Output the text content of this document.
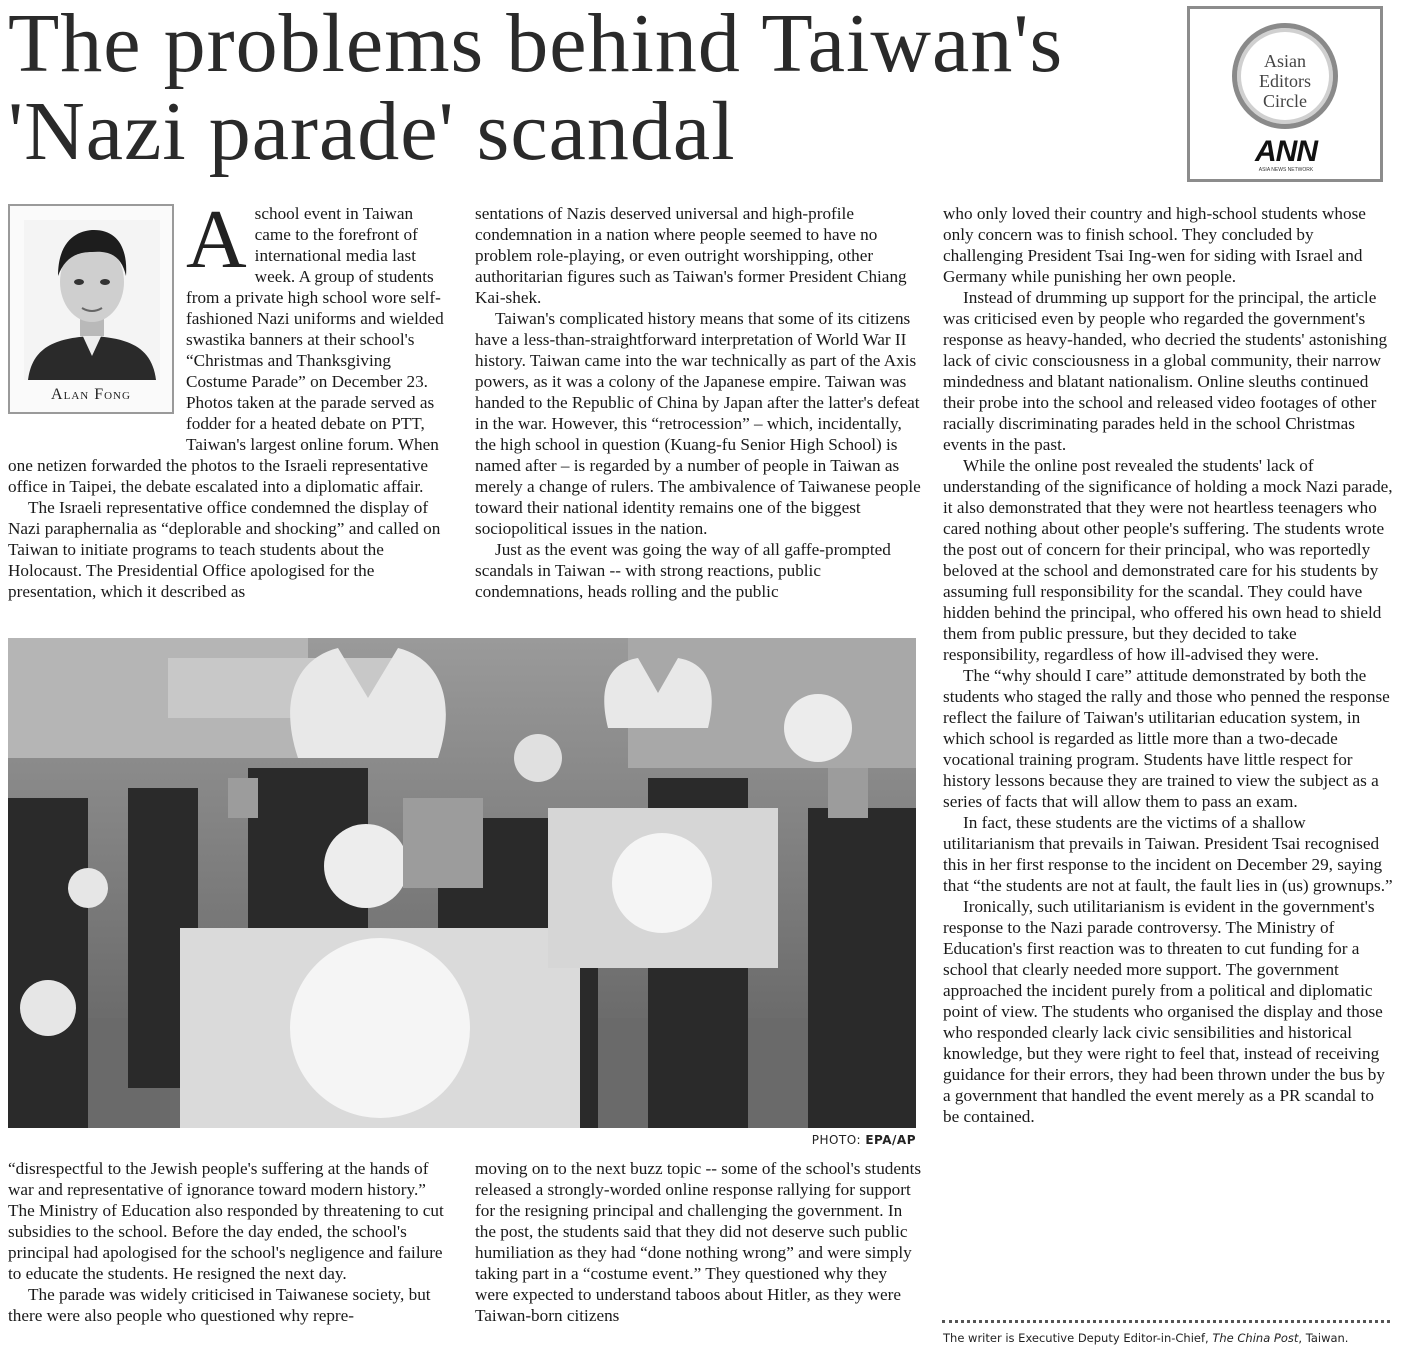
The problems behind Taiwan's 'Nazi parade' scandal
Asian
Editors
Circle
ANN
ASIA NEWS NETWORK
Alan Fong

Aschool event in Taiwan came to the forefront of international media last week. A group of students from a private high school wore self-fashioned Nazi uniforms and wielded swastika banners at their school's “Christmas and Thanksgiving Costume Parade” on December 23. Photos taken at the parade served as fodder for a heated debate on PTT, Taiwan's largest online forum. When one netizen forwarded the photos to the Israeli representative office in Taipei, the debate escalated into a diplomatic affair.

The Israeli representative office condemned the display of Nazi paraphernalia as “deplorable and shocking” and called on Taiwan to initiate programs to teach students about the Holocaust. The Presidential Office apologised for the presentation, which it described as

sentations of Nazis deserved universal and high-profile condemnation in a nation where people seemed to have no problem role-playing, or even outright worshipping, other authoritarian figures such as Taiwan's former President Chiang Kai-shek.

Taiwan's complicated history means that some of its citizens have a less-than-straightforward interpretation of World War II history. Taiwan came into the war technically as part of the Axis powers, as it was a colony of the Japanese empire. Taiwan was handed to the Republic of China by Japan after the latter's defeat in the war. However, this “retrocession” – which, incidentally, the high school in question (Kuang-fu Senior High School) is named after – is regarded by a number of people in Taiwan as merely a change of rulers. The ambivalence of Taiwanese people toward their national identity remains one of the biggest sociopolitical issues in the nation.

Just as the event was going the way of all gaffe-prompted scandals in Taiwan -- with strong reactions, public condemnations, heads rolling and the public

PHOTO: EPA/AP

“disrespectful to the Jewish people's suffering at the hands of war and representative of ignorance toward modern history.” The Ministry of Education also responded by threatening to cut subsidies to the school. Before the day ended, the school's principal had apologised for the school's negligence and failure to educate the students. He resigned the next day.

The parade was widely criticised in Taiwanese society, but there were also people who questioned why repre-

moving on to the next buzz topic -- some of the school's students released a strongly-worded online response rallying for support for the resigning principal and challenging the government. In the post, the students said that they did not deserve such public humiliation as they had “done nothing wrong” and were simply taking part in a “costume event.” They questioned why they were expected to understand taboos about Hitler, as they were Taiwan-born citizens

who only loved their country and high-school students whose only concern was to finish school. They concluded by challenging President Tsai Ing-wen for siding with Israel and Germany while punishing her own people.

Instead of drumming up support for the principal, the article was criticised even by people who regarded the government's response as heavy-handed, who decried the students' astonishing lack of civic consciousness in a global community, their narrow mindedness and blatant nationalism. Online sleuths continued their probe into the school and released video footages of other racially discriminating parades held in the school Christmas events in the past.

While the online post revealed the students' lack of understanding of the significance of holding a mock Nazi parade, it also demonstrated that they were not heartless teenagers who cared nothing about other people's suffering. The students wrote the post out of concern for their principal, who was reportedly beloved at the school and demonstrated care for his students by assuming full responsibility for the scandal. They could have hidden behind the principal, who offered his own head to shield them from public pressure, but they decided to take responsibility, regardless of how ill-advised they were.

The “why should I care” attitude demonstrated by both the students who staged the rally and those who penned the response reflect the failure of Taiwan's utilitarian education system, in which school is regarded as little more than a two-decade vocational training program. Students have little respect for history lessons because they are trained to view the subject as a series of facts that will allow them to pass an exam.

In fact, these students are the victims of a shallow utilitarianism that prevails in Taiwan. President Tsai recognised this in her first response to the incident on December 29, saying that “the students are not at fault, the fault lies in (us) grownups.”

Ironically, such utilitarianism is evident in the government's response to the Nazi parade controversy. The Ministry of Education's first reaction was to threaten to cut funding for a school that clearly needed more support. The government approached the incident purely from a political and diplomatic point of view. The students who organised the display and those who responded clearly lack civic sensibilities and historical knowledge, but they were right to feel that, instead of receiving guidance for their errors, they had been thrown under the bus by a government that handled the event merely as a PR scandal to be contained.

The writer is Executive Deputy Editor-in-Chief, The China Post, Taiwan.
